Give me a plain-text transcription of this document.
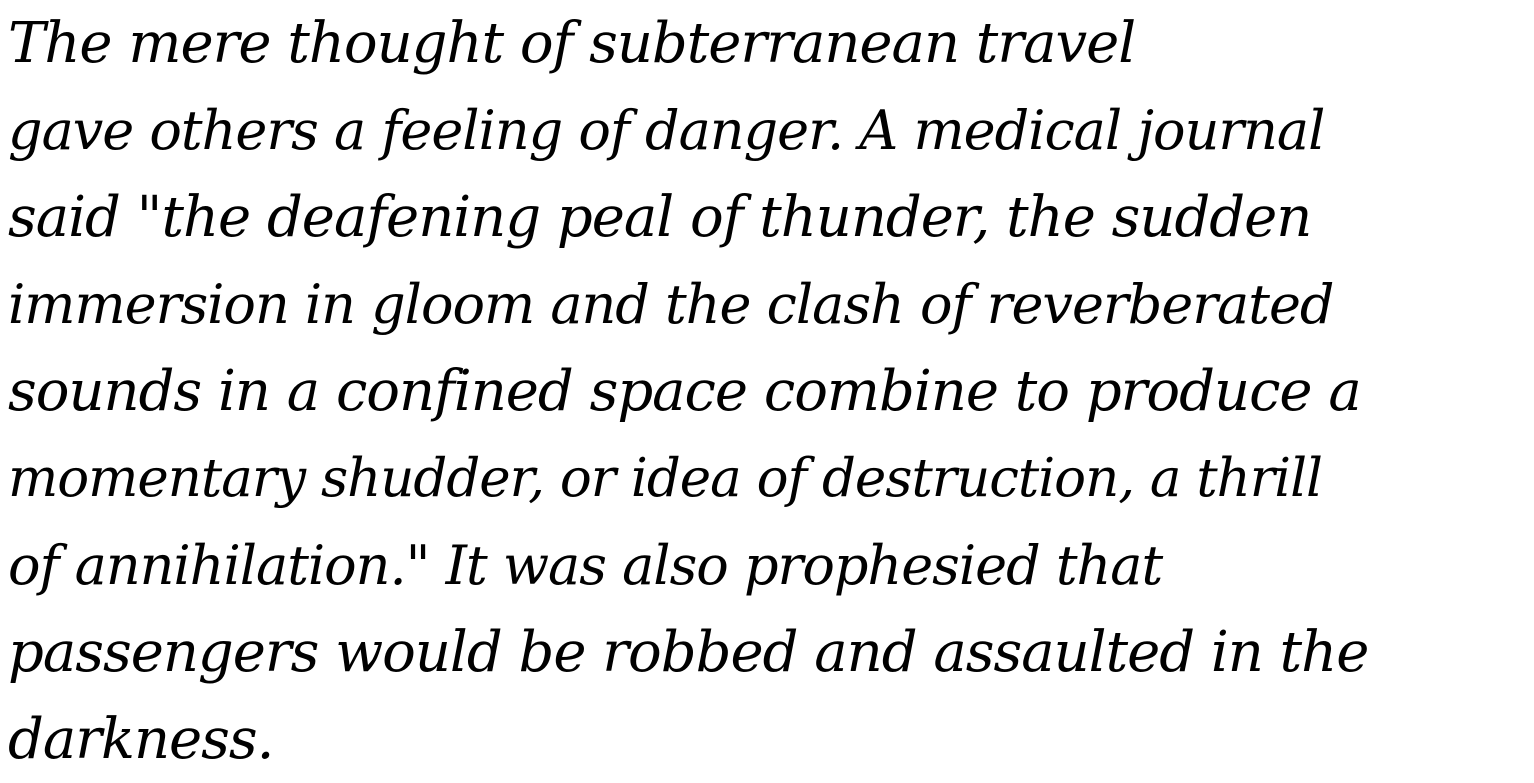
The mere thought of subterranean travel
gave others a feeling of danger. A medical journal
said "the deafening peal of thunder, the sudden
immersion in gloom and the clash of reverberated
sounds in a confined space combine to produce a
momentary shudder, or idea of destruction, a thrill
of annihilation." It was also prophesied that
passengers would be robbed and assaulted in the
darkness.
